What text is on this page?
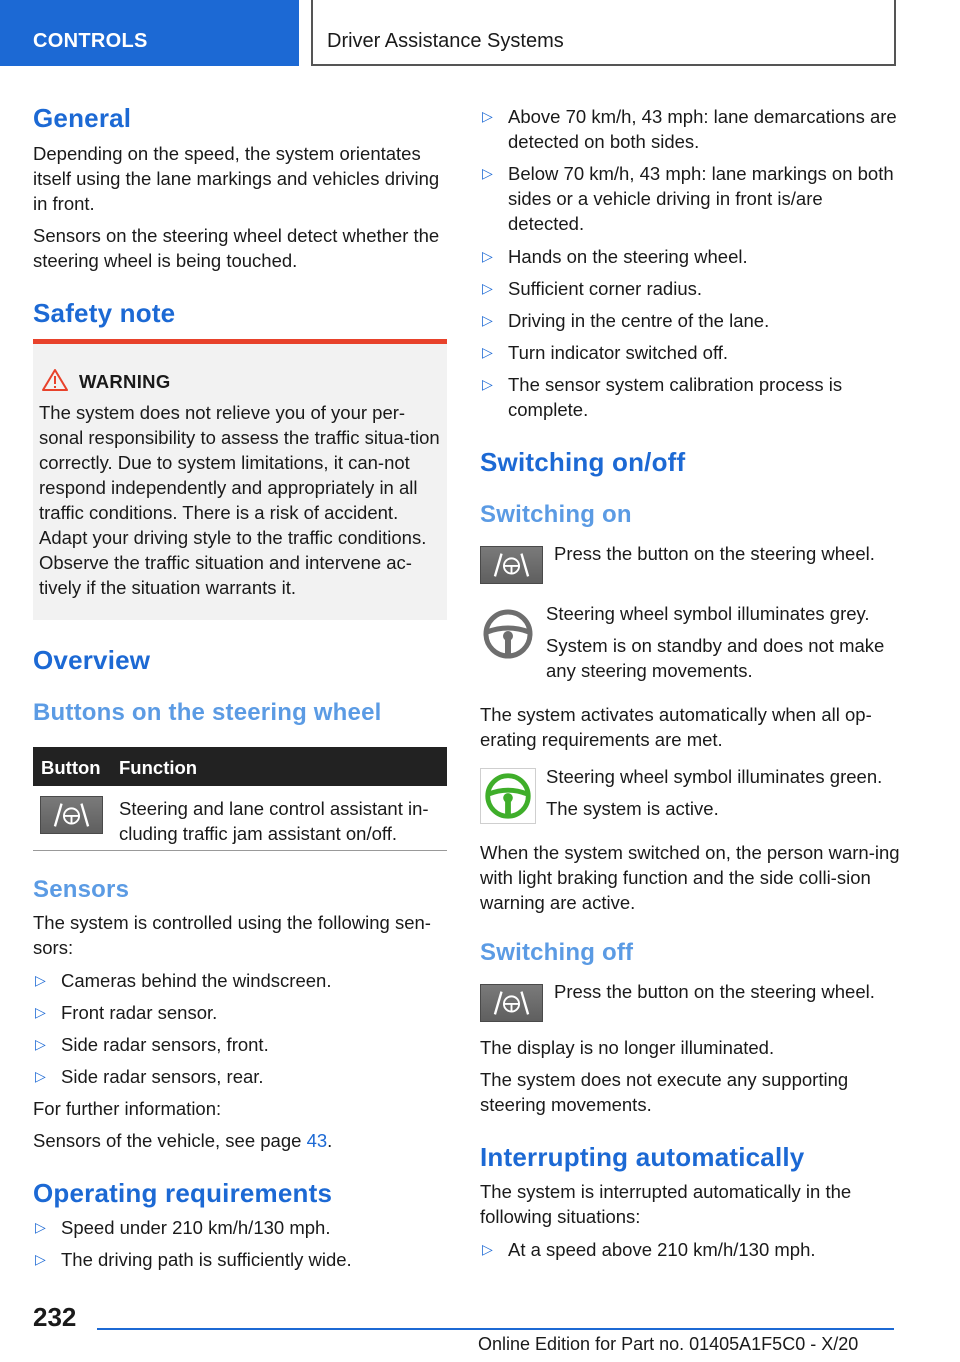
CONTROLS	Driver Assistance Systems
General
Depending on the speed, the system orientates itself using the lane markings and vehicles driving in front.
Sensors on the steering wheel detect whether the steering wheel is being touched.
Safety note
WARNING
The system does not relieve you of your per-sonal responsibility to assess the traffic situa-tion correctly. Due to system limitations, it can-not respond independently and appropriately in all traffic conditions. There is a risk of accident. Adapt your driving style to the traffic conditions. Observe the traffic situation and intervene ac-tively if the situation warrants it.
Overview
Buttons on the steering wheel
Button Function
Steering and lane control assistant in-cluding traffic jam assistant on/off.
Sensors
The system is controlled using the following sen-sors:
▷ Cameras behind the windscreen.
▷ Front radar sensor.
▷ Side radar sensors, front.
▷ Side radar sensors, rear.
For further information:
Sensors of the vehicle, see page 43.
Operating requirements
▷ Speed under 210 km/h/130 mph.
▷ The driving path is sufficiently wide.
▷ Above 70 km/h, 43 mph: lane demarcations are detected on both sides.
▷ Below 70 km/h, 43 mph: lane markings on both sides or a vehicle driving in front is/are detected.
▷ Hands on the steering wheel.
▷ Sufficient corner radius.
▷ Driving in the centre of the lane.
▷ Turn indicator switched off.
▷ The sensor system calibration process is complete.
Switching on/off
Switching on
Press the button on the steering wheel.
Steering wheel symbol illuminates grey.
System is on standby and does not make any steering movements.
The system activates automatically when all op-erating requirements are met.
Steering wheel symbol illuminates green.
The system is active.
When the system switched on, the person warn-ing with light braking function and the side colli-sion warning are active.
Switching off
Press the button on the steering wheel.
The display is no longer illuminated.
The system does not execute any supporting steering movements.
Interrupting automatically
The system is interrupted automatically in the following situations:
▷ At a speed above 210 km/h/130 mph.
232
Online Edition for Part no. 01405A1F5C0 - X/20
